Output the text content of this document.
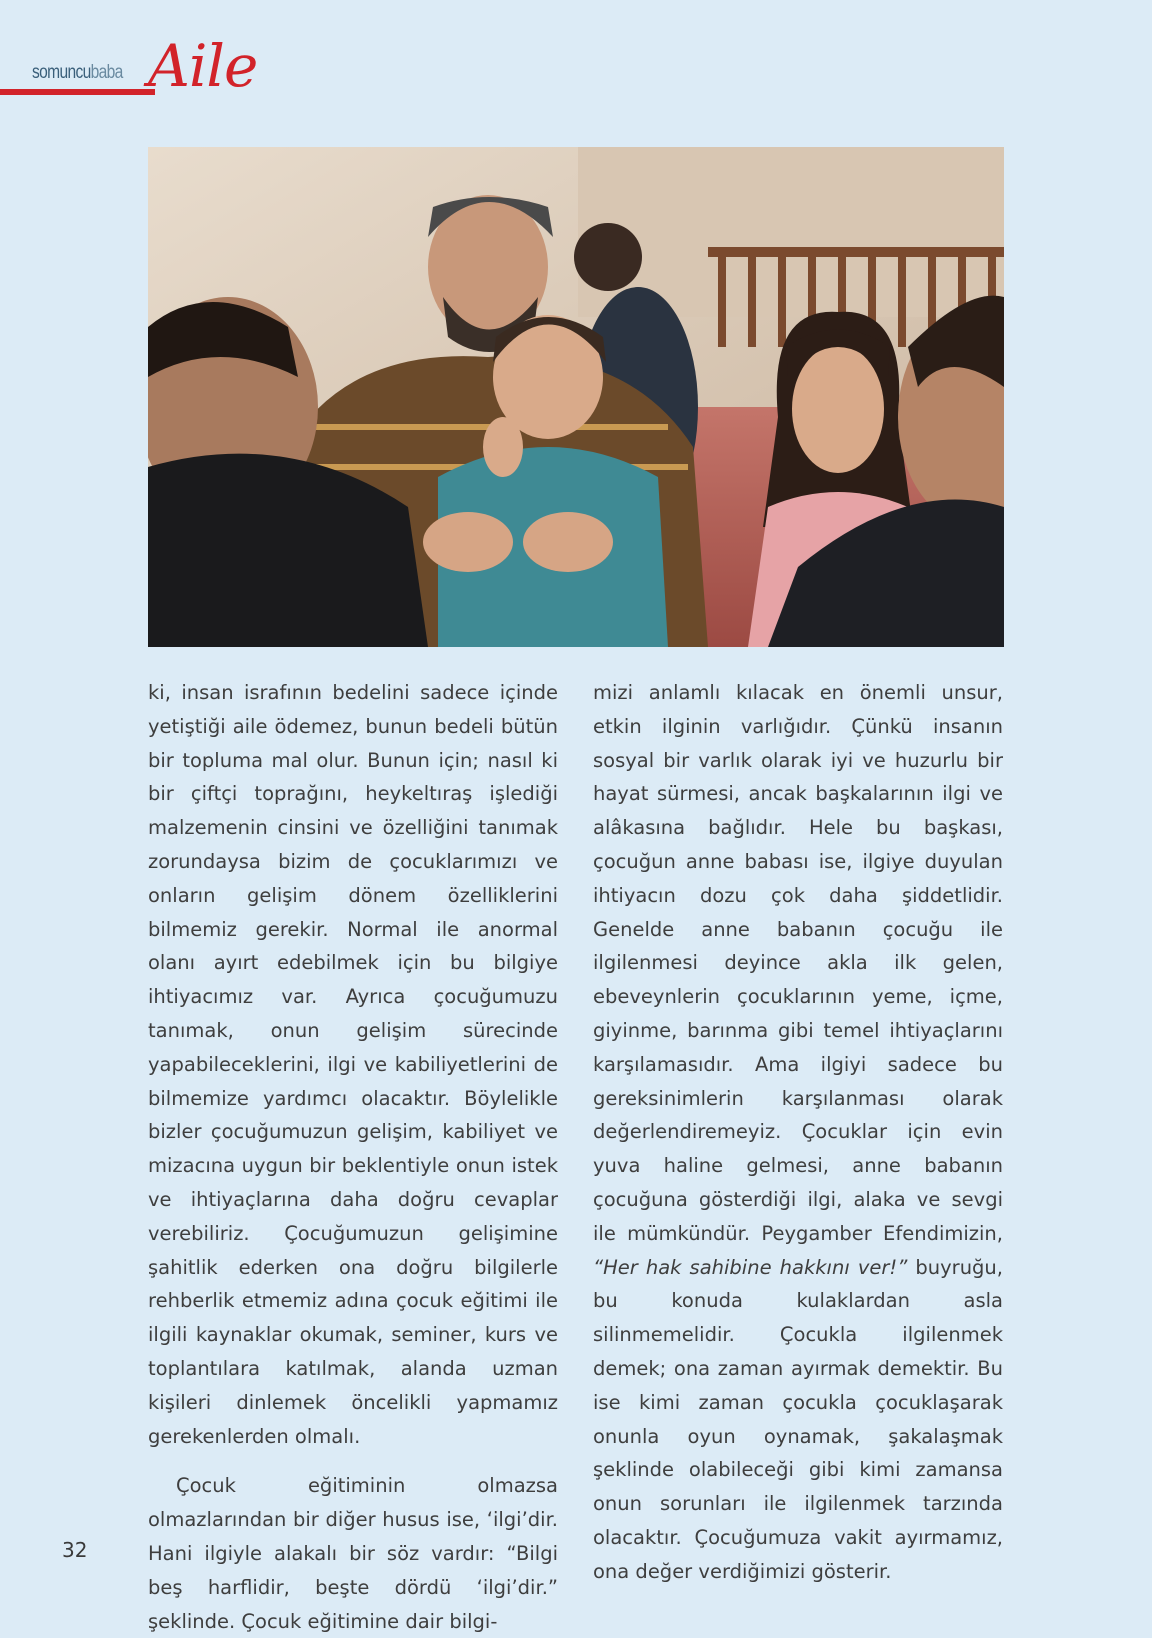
somuncubaba Aile

ki, insan israfının bedelini sadece içinde yetiştiği aile ödemez, bunun bedeli bütün bir topluma mal olur. Bunun için; nasıl ki bir çiftçi toprağını, heykeltıraş işlediği malzemenin cinsini ve özelliğini tanımak zorundaysa bizim de çocuklarımızı ve onların gelişim dönem özelliklerini bilmemiz gerekir. Normal ile anormal olanı ayırt edebilmek için bu bilgiye ihtiyacımız var. Ayrıca çocuğumuzu tanımak, onun gelişim sürecinde yapabileceklerini, ilgi ve kabiliyetlerini de bilmemize yardımcı olacaktır. Böylelikle bizler çocuğumuzun gelişim, kabiliyet ve mizacına uygun bir beklentiyle onun istek ve ihtiyaçlarına daha doğru cevaplar verebiliriz. Çocuğumuzun gelişimine şahitlik ederken ona doğru bilgilerle rehberlik etmemiz adına çocuk eğitimi ile ilgili kaynaklar okumak, seminer, kurs ve toplantılara katılmak, alanda uzman kişileri dinlemek öncelikli yapmamız gerekenlerden olmalı.

Çocuk eğitiminin olmazsa olmazlarından bir diğer husus ise, ‘ilgi’dir. Hani ilgiyle alakalı bir söz vardır: “Bilgi beş harflidir, beşte dördü ‘ilgi’dir.” şeklinde. Çocuk eğitimine dair bilgi-

mizi anlamlı kılacak en önemli unsur, etkin ilginin varlığıdır. Çünkü insanın sosyal bir varlık olarak iyi ve huzurlu bir hayat sürmesi, ancak başkalarının ilgi ve alâkasına bağlıdır. Hele bu başkası, çocuğun anne babası ise, ilgiye duyulan ihtiyacın dozu çok daha şiddetlidir. Genelde anne babanın çocuğu ile ilgilenmesi deyince akla ilk gelen, ebeveynlerin çocuklarının yeme, içme, giyinme, barınma gibi temel ihtiyaçlarını karşılamasıdır. Ama ilgiyi sadece bu gereksinimlerin karşılanması olarak değerlendiremeyiz. Çocuklar için evin yuva haline gelmesi, anne babanın çocuğuna gösterdiği ilgi, alaka ve sevgi ile mümkündür. Peygamber Efendimizin, “Her hak sahibine hakkını ver!” buyruğu, bu konuda kulaklardan asla silinmemelidir. Çocukla ilgilenmek demek; ona zaman ayırmak demektir. Bu ise kimi zaman çocukla çocuklaşarak onunla oyun oynamak, şakalaşmak şeklinde olabileceği gibi kimi zamansa onun sorunları ile ilgilenmek tarzında olacaktır. Çocuğumuza vakit ayırmamız, ona değer verdiğimizi gösterir.

32
